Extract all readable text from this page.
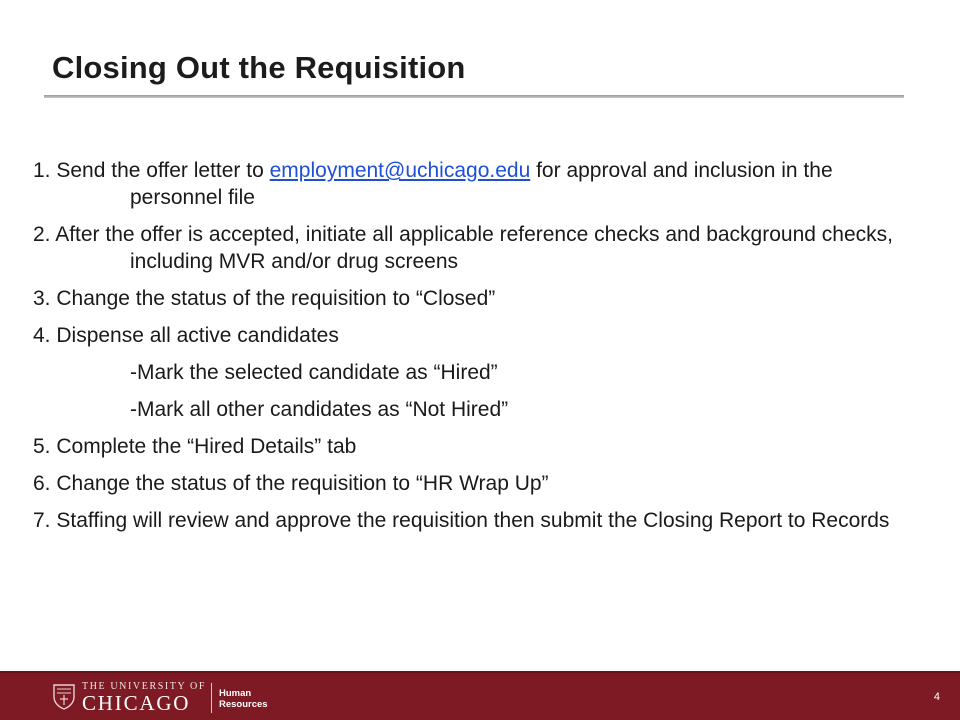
Closing Out the Requisition
1. Send the offer letter to employment@uchicago.edu for approval and inclusion in the personnel file
2. After the offer is accepted, initiate all applicable reference checks and background checks, including MVR and/or drug screens
3. Change the status of the requisition to “Closed”
4. Dispense all active candidates
-Mark the selected candidate as “Hired”
-Mark all other candidates as “Not Hired”
5. Complete the “Hired Details” tab
6. Change the status of the requisition to “HR Wrap Up”
7. Staffing will review and approve the requisition then submit the Closing Report to Records
THE UNIVERSITY OF
CHICAGO	Human
Resources
4
